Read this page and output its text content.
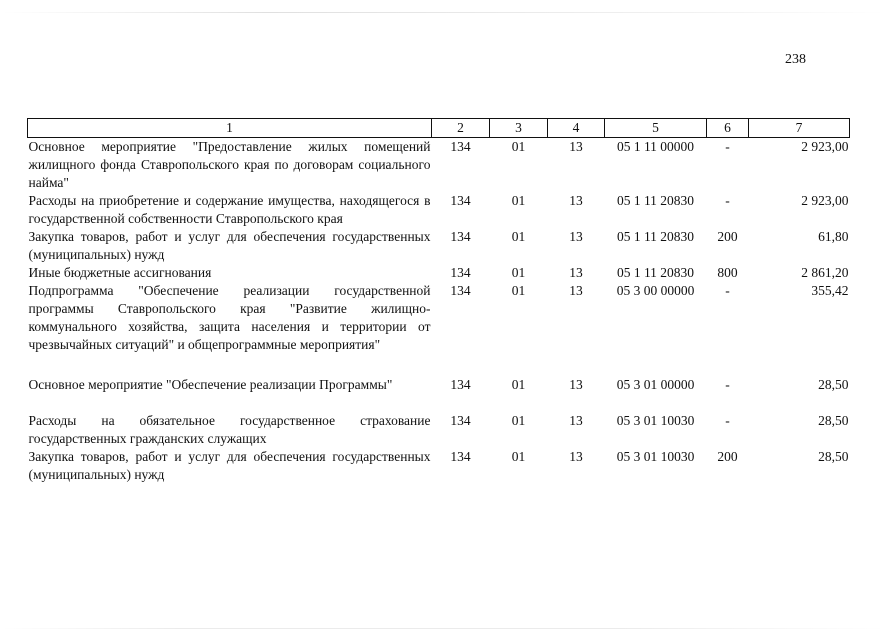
238
1	2	3	4	5	6	7
Основное мероприятие "Предоставление жилых помещений жилищного фонда Ставропольского края по договорам социального найма"	134	01	13	05 1 11 00000	-	2 923,00
Расходы на приобретение и содержание имущества, находящегося в государственной собственности Ставропольского края	134	01	13	05 1 11 20830	-	2 923,00
Закупка товаров, работ и услуг для обеспечения государственных (муниципальных) нужд	134	01	13	05 1 11 20830	200	61,80
Иные бюджетные ассигнования	134	01	13	05 1 11 20830	800	2 861,20
Подпрограмма "Обеспечение реализации государственной программы Ставропольского края "Развитие жилищно-коммунального хозяйства, защита населения и территории от чрезвычайных ситуаций" и общепрограммные мероприятия"	134	01	13	05 3 00 00000	-	355,42
Основное мероприятие "Обеспечение реализации Программы"	134	01	13	05 3 01 00000	-	28,50
Расходы на обязательное государственное страхование государственных гражданских служащих	134	01	13	05 3 01 10030	-	28,50
Закупка товаров, работ и услуг для обеспечения государственных (муниципальных) нужд	134	01	13	05 3 01 10030	200	28,50
